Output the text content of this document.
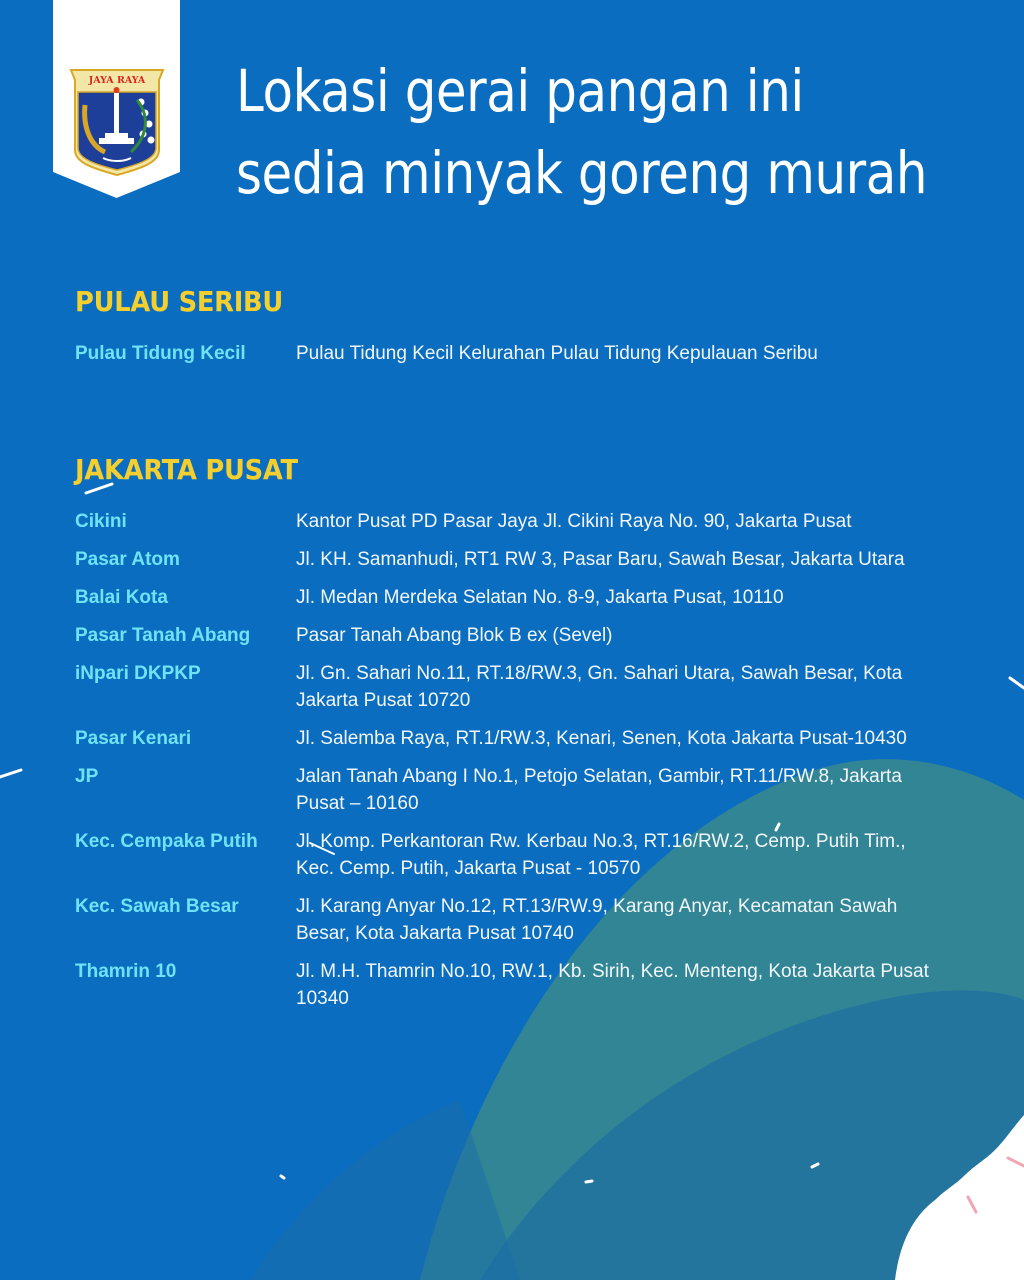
JAYA RAYA Lokasi gerai pangan ini
sedia minyak goreng murah
PULAU SERIBU
Pulau Tidung Kecil	Pulau Tidung Kecil Kelurahan Pulau Tidung Kepulauan Seribu
JAKARTA PUSAT
Cikini	Kantor Pusat PD Pasar Jaya Jl. Cikini Raya No. 90, Jakarta Pusat
Pasar Atom	Jl. KH. Samanhudi, RT1 RW 3, Pasar Baru, Sawah Besar, Jakarta Utara
Balai Kota	Jl. Medan Merdeka Selatan No. 8-9, Jakarta Pusat, 10110
Pasar Tanah Abang	Pasar Tanah Abang Blok B ex (Sevel)
iNpari DKPKP	Jl. Gn. Sahari No.11, RT.18/RW.3, Gn. Sahari Utara, Sawah Besar, Kota Jakarta Pusat 10720
Pasar Kenari	Jl. Salemba Raya, RT.1/RW.3, Kenari, Senen, Kota Jakarta Pusat-10430
JP	Jalan Tanah Abang I No.1, Petojo Selatan, Gambir, RT.11/RW.8, Jakarta Pusat – 10160
Kec. Cempaka Putih	Jl. Komp. Perkantoran Rw. Kerbau No.3, RT.16/RW.2, Cemp. Putih Tim., Kec. Cemp. Putih, Jakarta Pusat - 10570
Kec. Sawah Besar	Jl. Karang Anyar No.12, RT.13/RW.9, Karang Anyar, Kecamatan Sawah Besar, Kota Jakarta Pusat 10740
Thamrin 10	Jl. M.H. Thamrin No.10, RW.1, Kb. Sirih, Kec. Menteng, Kota Jakarta Pusat 10340
